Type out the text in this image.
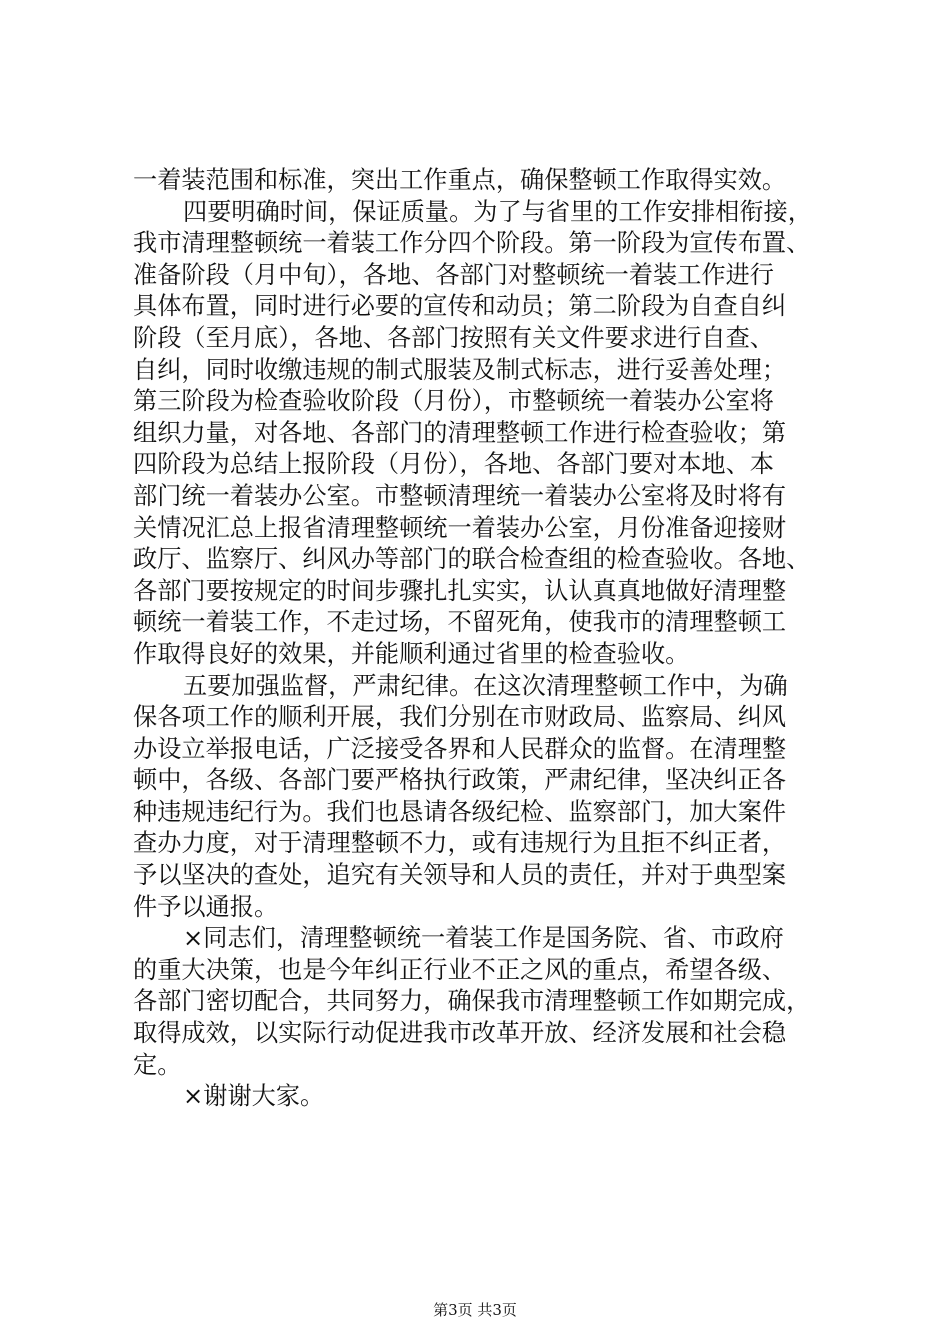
一着装范围和标准，突出工作重点，确保整顿工作取得实效。
四要明确时间，保证质量。为了与省里的工作安排相衔接，
我市清理整顿统一着装工作分四个阶段。第一阶段为宣传布置、
准备阶段（月中旬），各地、各部门对整顿统一着装工作进行
具体布置，同时进行必要的宣传和动员；第二阶段为自查自纠
阶段（至月底），各地、各部门按照有关文件要求进行自查、
自纠，同时收缴违规的制式服装及制式标志，进行妥善处理；
第三阶段为检查验收阶段（月份），市整顿统一着装办公室将
组织力量，对各地、各部门的清理整顿工作进行检查验收；第
四阶段为总结上报阶段（月份），各地、各部门要对本地、本
部门统一着装办公室。市整顿清理统一着装办公室将及时将有
关情况汇总上报省清理整顿统一着装办公室，月份准备迎接财
政厅、监察厅、纠风办等部门的联合检查组的检查验收。各地、
各部门要按规定的时间步骤扎扎实实，认认真真地做好清理整
顿统一着装工作，不走过场，不留死角，使我市的清理整顿工
作取得良好的效果，并能顺利通过省里的检查验收。
五要加强监督，严肃纪律。在这次清理整顿工作中，为确
保各项工作的顺利开展，我们分别在市财政局、监察局、纠风
办设立举报电话，广泛接受各界和人民群众的监督。在清理整
顿中，各级、各部门要严格执行政策，严肃纪律，坚决纠正各
种违规违纪行为。我们也恳请各级纪检、监察部门，加大案件
查办力度，对于清理整顿不力，或有违规行为且拒不纠正者，
予以坚决的查处，追究有关领导和人员的责任，并对于典型案
件予以通报。
×同志们，清理整顿统一着装工作是国务院、省、市政府
的重大决策，也是今年纠正行业不正之风的重点，希望各级、
各部门密切配合，共同努力，确保我市清理整顿工作如期完成，
取得成效，以实际行动促进我市改革开放、经济发展和社会稳
定。
×谢谢大家。
第3页 共3页
